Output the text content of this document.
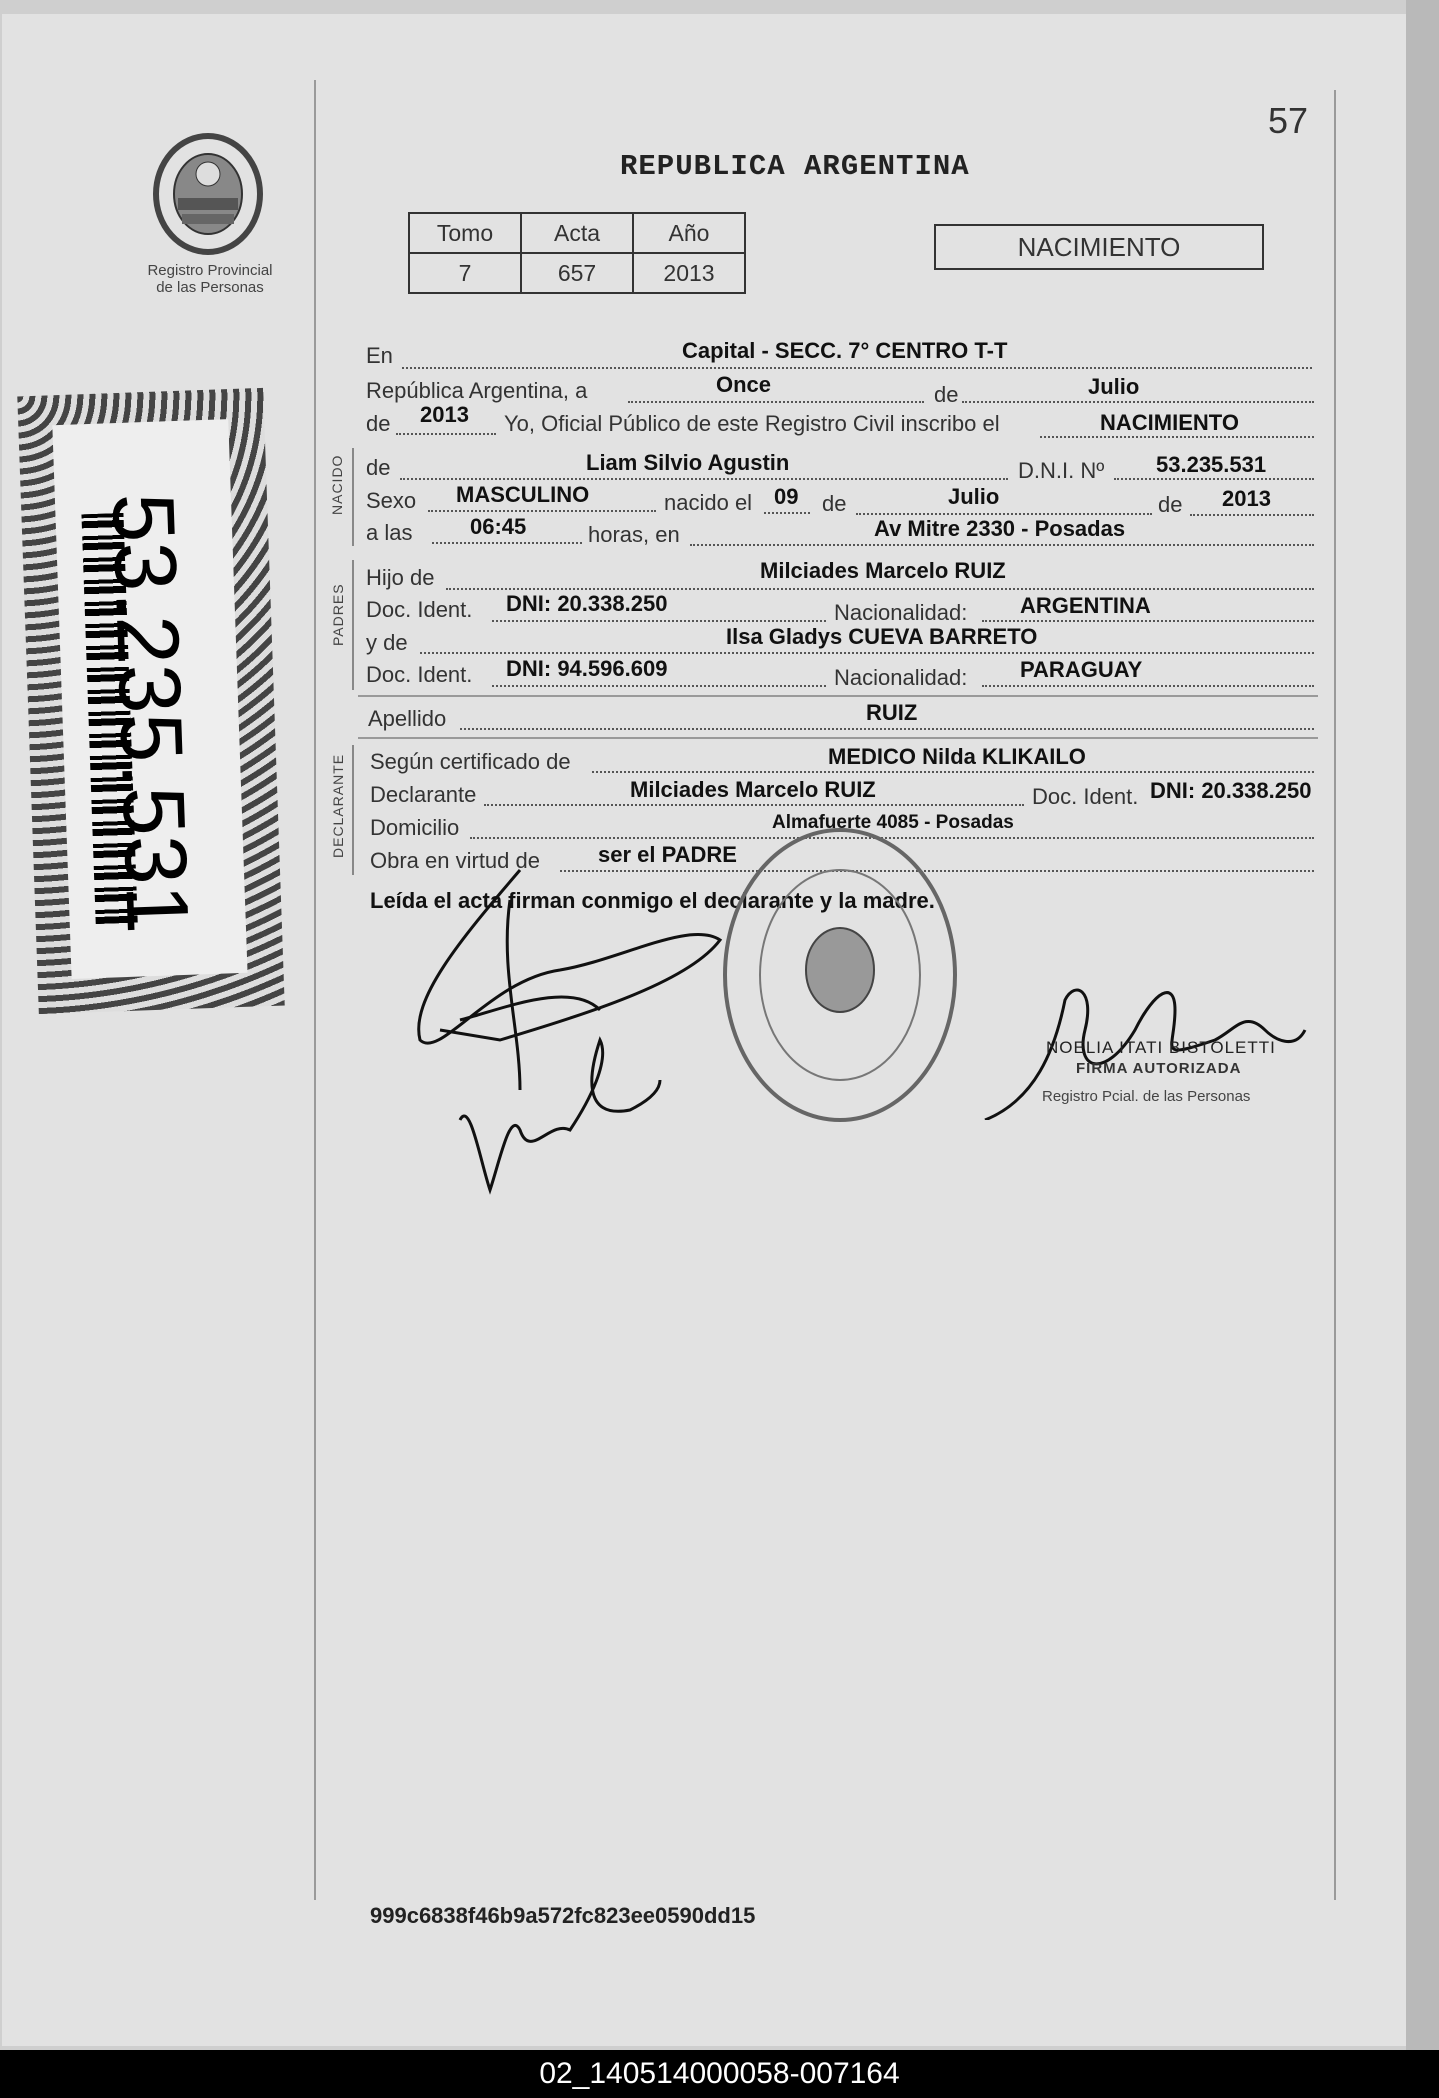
Registro Provincial
de las Personas
53.235.531
57
REPUBLICA ARGENTINA
Tomo	Acta	Año
7	657	2013
NACIMIENTO
NACIDO
PADRES
DECLARANTE
En	Capital - SECC. 7° CENTRO T-T
República Argentina, a	Once	de	Julio
de 2013 Yo, Oficial Público de este Registro Civil inscribo el	NACIMIENTO
de	Liam Silvio Agustin	D.N.I. Nº 53.235.531
Sexo MASCULINO	nacido el 09 de	Julio	de 2013
a las	06:45	horas, en	Av Mitre 2330 - Posadas
Hijo de	Milciades Marcelo RUIZ
Doc. Ident. DNI: 20.338.250	Nacionalidad: ARGENTINA
y de	Ilsa Gladys CUEVA BARRETO
Doc. Ident. DNI: 94.596.609	Nacionalidad: PARAGUAY
Apellido	RUIZ
Según certificado de	MEDICO Nilda KLIKAILO
Declarante	Milciades Marcelo RUIZ	Doc. Ident. DNI: 20.338.250
Domicilio	Almafuerte 4085 - Posadas
Obra en virtud de	ser el PADRE
Leída el acta firman conmigo el declarante y la madre.
NOELIA ITATI BISTOLETTI
FIRMA AUTORIZADA
Registro Pcial. de las Personas
999c6838f46b9a572fc823ee0590dd15
02_140514000058-007164
